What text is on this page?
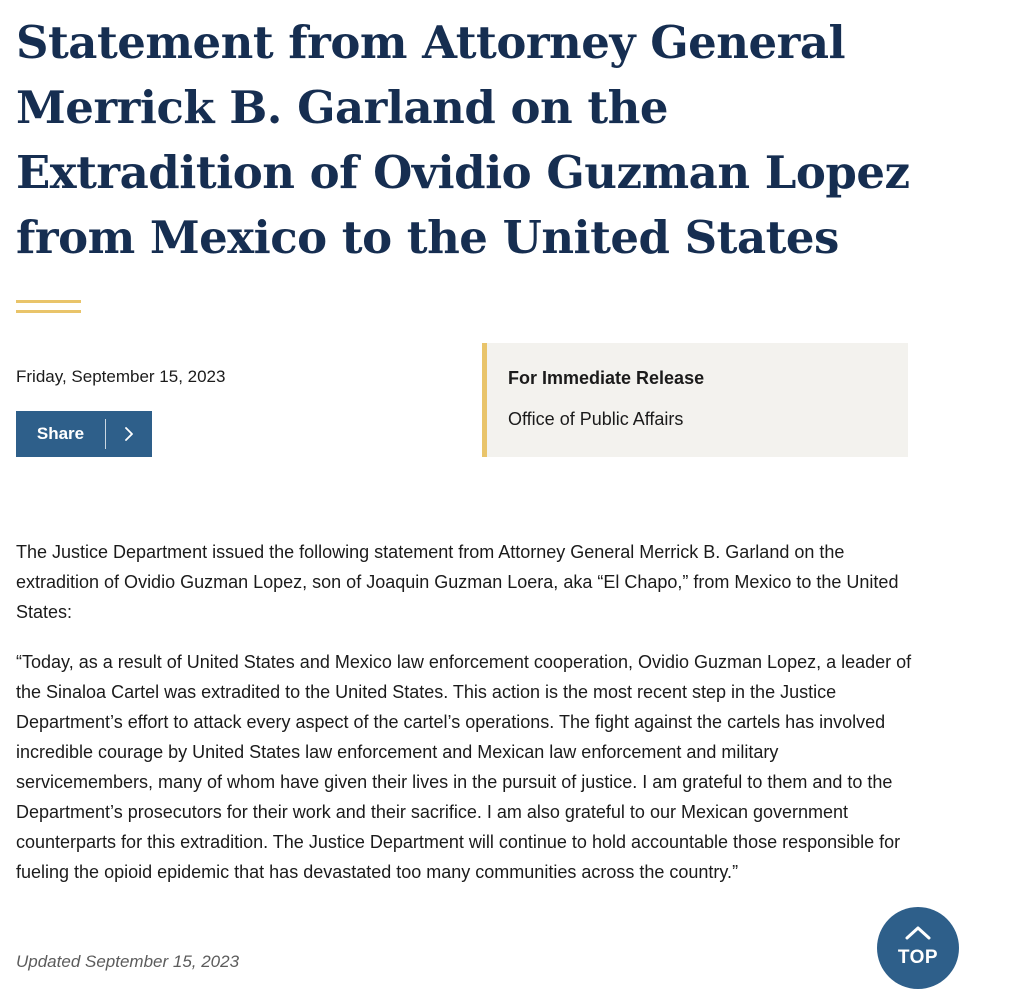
Statement from Attorney General Merrick B. Garland on the Extradition of Ovidio Guzman Lopez from Mexico to the United States
Friday, September 15, 2023
Share
For Immediate Release
Office of Public Affairs

The Justice Department issued the following statement from Attorney General Merrick B. Garland on the extradition of Ovidio Guzman Lopez, son of Joaquin Guzman Loera, aka “El Chapo,” from Mexico to the United States:

“Today, as a result of United States and Mexico law enforcement cooperation, Ovidio Guzman Lopez, a leader of the Sinaloa Cartel was extradited to the United States. This action is the most recent step in the Justice Department’s effort to attack every aspect of the cartel’s operations. The fight against the cartels has involved incredible courage by United States law enforcement and Mexican law enforcement and military servicemembers, many of whom have given their lives in the pursuit of justice. I am grateful to them and to the Department’s prosecutors for their work and their sacrifice. I am also grateful to our Mexican government counterparts for this extradition. The Justice Department will continue to hold accountable those responsible for fueling the opioid epidemic that has devastated too many communities across the country.”

Updated September 15, 2023	TOP
